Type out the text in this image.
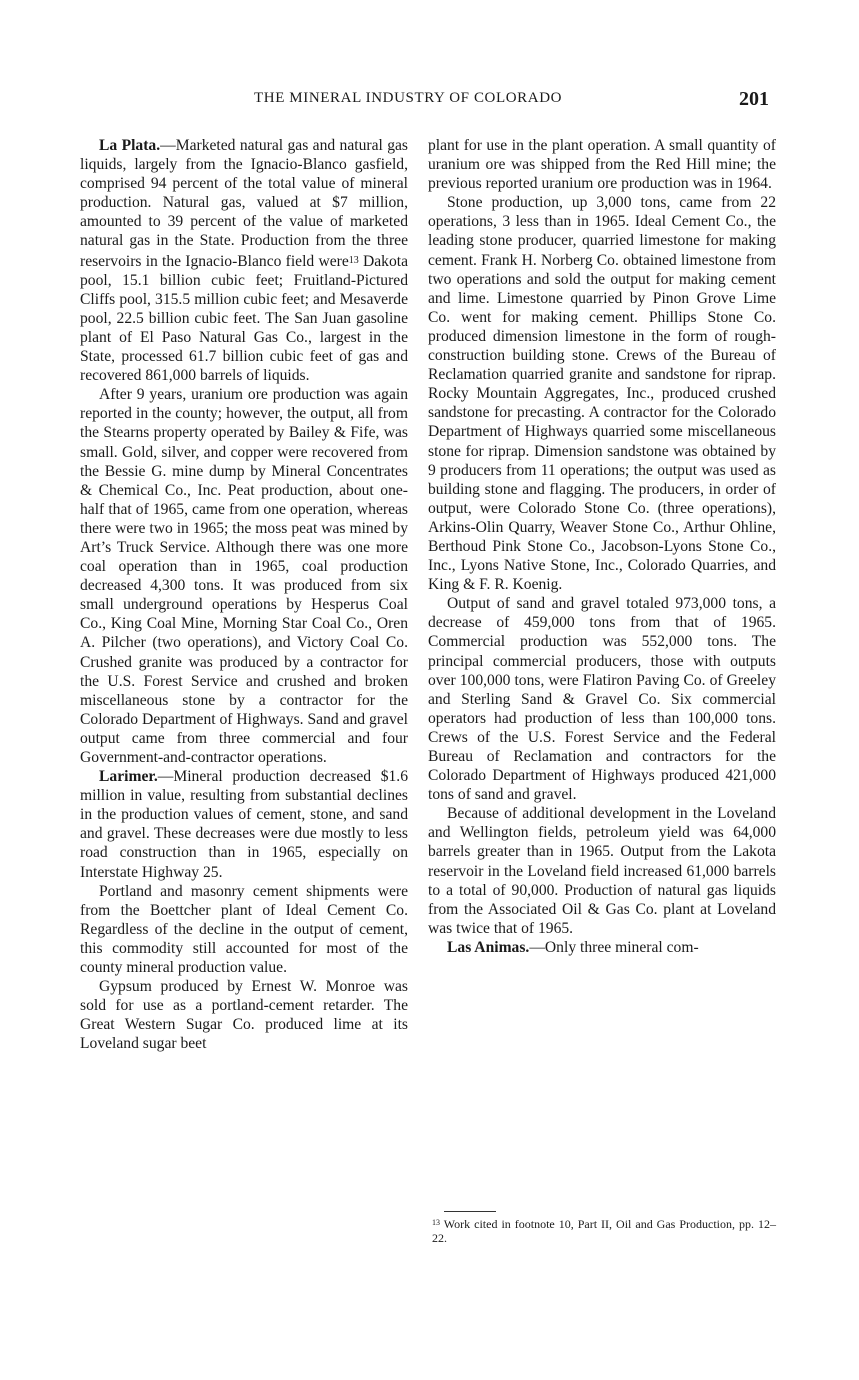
THE MINERAL INDUSTRY OF COLORADO	201

La Plata.—Marketed natural gas and natural gas liquids, largely from the Ignacio-Blanco gasfield, comprised 94 percent of the total value of mineral production. Natural gas, valued at $7 million, amounted to 39 percent of the value of marketed natural gas in the State. Production from the three reservoirs in the Ignacio-Blanco field were$^{13}$ Dakota pool, 15.1 billion cubic feet; Fruitland-Pictured Cliffs pool, 315.5 million cubic feet; and Mesaverde pool, 22.5 billion cubic feet. The San Juan gasoline plant of El Paso Natural Gas Co., largest in the State, processed 61.7 billion cubic feet of gas and recovered 861,000 barrels of liquids.

After 9 years, uranium ore production was again reported in the county; however, the output, all from the Stearns property operated by Bailey & Fife, was small. Gold, silver, and copper were recovered from the Bessie G. mine dump by Mineral Concentrates & Chemical Co., Inc. Peat production, about one-half that of 1965, came from one operation, whereas there were two in 1965; the moss peat was mined by Art’s Truck Service. Although there was one more coal operation than in 1965, coal production decreased 4,300 tons. It was produced from six small underground operations by Hesperus Coal Co., King Coal Mine, Morning Star Coal Co., Oren A. Pilcher (two operations), and Victory Coal Co. Crushed granite was produced by a contractor for the U.S. Forest Service and crushed and broken miscellaneous stone by a contractor for the Colorado Department of Highways. Sand and gravel output came from three commercial and four Government-and-contractor operations.

Larimer.—Mineral production decreased $1.6 million in value, resulting from substantial declines in the production values of cement, stone, and sand and gravel. These decreases were due mostly to less road construction than in 1965, especially on Interstate Highway 25.

Portland and masonry cement shipments were from the Boettcher plant of Ideal Cement Co. Regardless of the decline in the output of cement, this commodity still accounted for most of the county mineral production value.

Gypsum produced by Ernest W. Monroe was sold for use as a portland-cement retarder. The Great Western Sugar Co. produced lime at its Loveland sugar beet

plant for use in the plant operation. A small quantity of uranium ore was shipped from the Red Hill mine; the previous reported uranium ore production was in 1964.

Stone production, up 3,000 tons, came from 22 operations, 3 less than in 1965. Ideal Cement Co., the leading stone producer, quarried limestone for making cement. Frank H. Norberg Co. obtained limestone from two operations and sold the output for making cement and lime. Limestone quarried by Pinon Grove Lime Co. went for making cement. Phillips Stone Co. produced dimension limestone in the form of rough-construction building stone. Crews of the Bureau of Reclamation quarried granite and sandstone for riprap. Rocky Mountain Aggregates, Inc., produced crushed sandstone for precasting. A contractor for the Colorado Department of Highways quarried some miscellaneous stone for riprap. Dimension sandstone was obtained by 9 producers from 11 operations; the output was used as building stone and flagging. The producers, in order of output, were Colorado Stone Co. (three operations), Arkins-Olin Quarry, Weaver Stone Co., Arthur Ohline, Berthoud Pink Stone Co., Jacobson-Lyons Stone Co., Inc., Lyons Native Stone, Inc., Colorado Quarries, and King & F. R. Koenig.

Output of sand and gravel totaled 973,000 tons, a decrease of 459,000 tons from that of 1965. Commercial production was 552,000 tons. The principal commercial producers, those with outputs over 100,000 tons, were Flatiron Paving Co. of Greeley and Sterling Sand & Gravel Co. Six commercial operators had production of less than 100,000 tons. Crews of the U.S. Forest Service and the Federal Bureau of Reclamation and contractors for the Colorado Department of Highways produced 421,000 tons of sand and gravel.

Because of additional development in the Loveland and Wellington fields, petroleum yield was 64,000 barrels greater than in 1965. Output from the Lakota reservoir in the Loveland field increased 61,000 barrels to a total of 90,000. Production of natural gas liquids from the Associated Oil & Gas Co. plant at Loveland was twice that of 1965.

Las Animas.—Only three mineral com-

$^{13}$ Work cited in footnote 10, Part II, Oil and Gas Production, pp. 12–22.
